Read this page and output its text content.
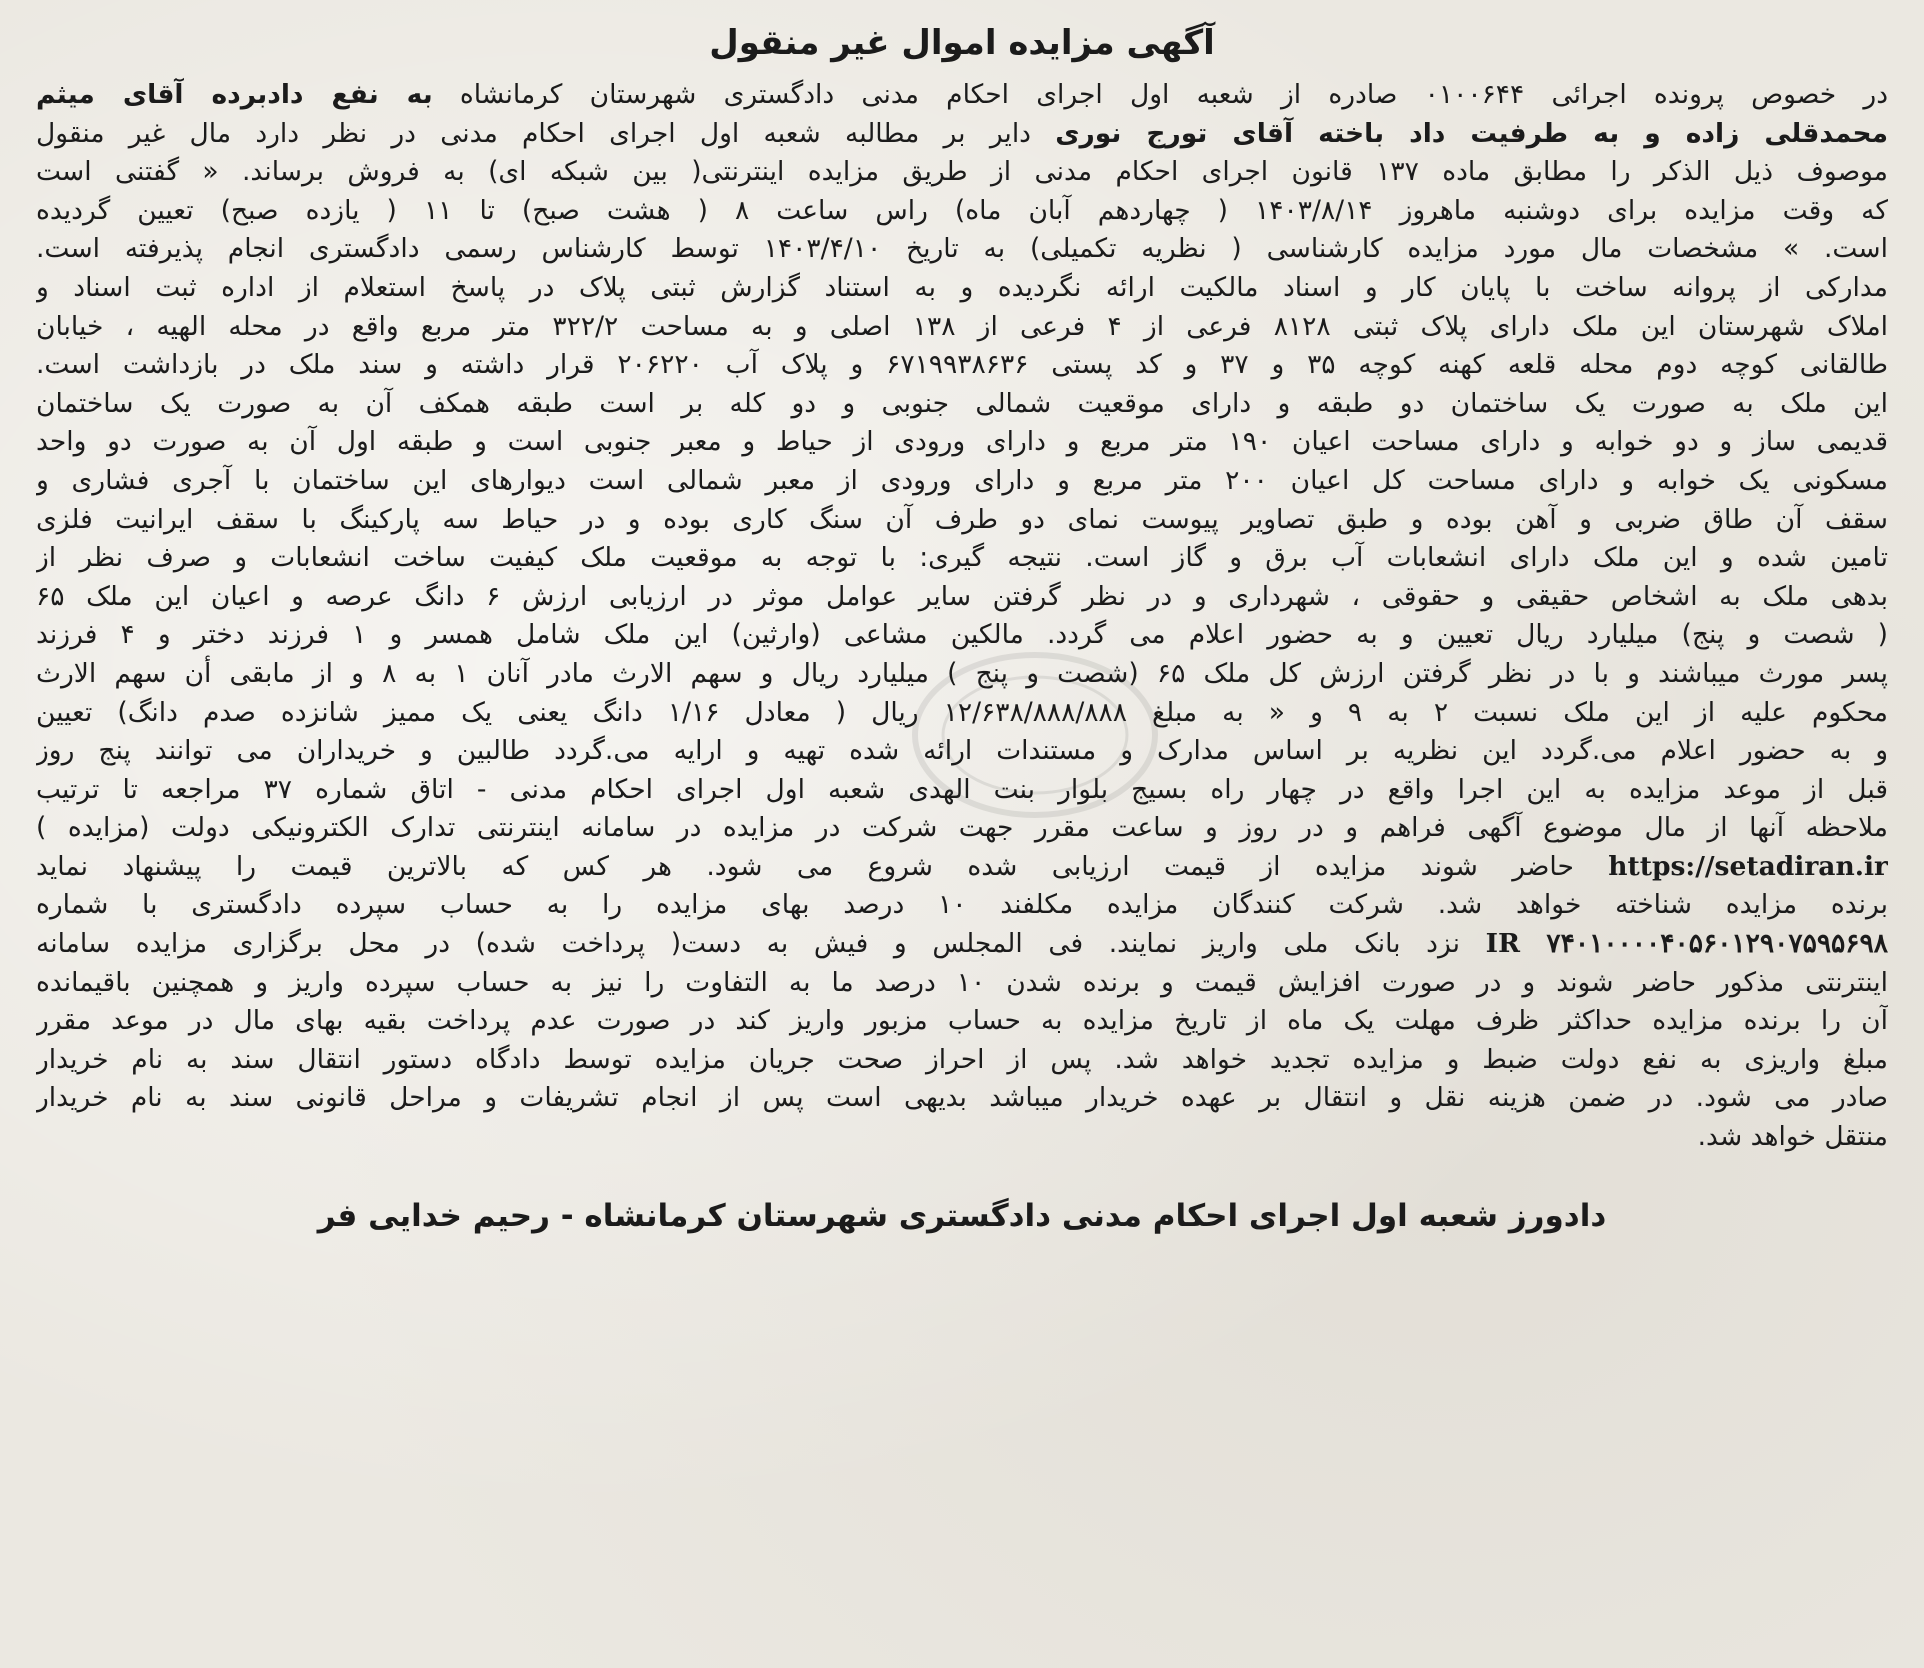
آگهی مزایده اموال غیر منقول
در خصوص پرونده اجرائی ۰۱۰۰۶۴۴ صادره از شعبه اول اجرای احکام مدنی دادگستری شهرستان کرمانشاه به نفع دادبرده آقای میثم
محمدقلی زاده و به طرفیت داد باخته آقای تورج نوری دایر بر مطالبه شعبه اول اجرای احکام مدنی در نظر دارد مال غیر منقول
موصوف ذیل الذکر را مطابق ماده ۱۳۷ قانون اجرای احکام مدنی از طریق مزایده اینترنتی( بین شبکه ای) به فروش برساند. « گفتنی است
که وقت مزایده برای دوشنبه ماهروز ۱۴۰۳/۸/۱۴ ( چهاردهم آبان ماه) راس ساعت ۸ ( هشت صبح) تا ۱۱ ( یازده صبح) تعیین گردیده
است. » مشخصات مال مورد مزایده کارشناسی ( نظریه تکمیلی) به تاریخ ۱۴۰۳/۴/۱۰ توسط کارشناس رسمی دادگستری انجام پذیرفته است.
مدارکی از پروانه ساخت با پایان کار و اسناد مالکیت ارائه نگردیده و به استناد گزارش ثبتی پلاک در پاسخ استعلام از اداره ثبت اسناد و
املاک شهرستان این ملک دارای پلاک ثبتی ۸۱۲۸ فرعی از ۴ فرعی از ۱۳۸ اصلی و به مساحت ۳۲۲/۲ متر مربع واقع در محله الهیه ، خیابان
طالقانی کوچه دوم محله قلعه کهنه کوچه ۳۵ و ۳۷ و کد پستی ۶۷۱۹۹۳۸۶۳۶ و پلاک آب ۲۰۶۲۲۰ قرار داشته و سند ملک در بازداشت است.
این ملک به صورت یک ساختمان دو طبقه و دارای موقعیت شمالی جنوبی و دو کله بر است طبقه همکف آن به صورت یک ساختمان
قدیمی ساز و دو خوابه و دارای مساحت اعیان ۱۹۰ متر مربع و دارای ورودی از حیاط و معبر جنوبی است و طبقه اول آن به صورت دو واحد
مسکونی یک خوابه و دارای مساحت کل اعیان ۲۰۰ متر مربع و دارای ورودی از معبر شمالی است دیوارهای این ساختمان با آجری فشاری و
سقف آن طاق ضربی و آهن بوده و طبق تصاویر پیوست نمای دو طرف آن سنگ کاری بوده و در حیاط سه پارکینگ با سقف ایرانیت فلزی
تامین شده و این ملک دارای انشعابات آب برق و گاز است. نتیجه گیری: با توجه به موقعیت ملک کیفیت ساخت انشعابات و صرف نظر از
بدهی ملک به اشخاص حقیقی و حقوقی ، شهرداری و در نظر گرفتن سایر عوامل موثر در ارزیابی ارزش ۶ دانگ عرصه و اعیان این ملک ۶۵
( شصت و پنج) میلیارد ریال تعیین و به حضور اعلام می گردد. مالکین مشاعی (وارثین) این ملک شامل همسر و ۱ فرزند دختر و ۴ فرزند
پسر مورث میباشند و با در نظر گرفتن ارزش کل ملک ۶۵ (شصت و پنج ) میلیارد ریال و سهم الارث مادر آنان ۱ به ۸ و از مابقی أن سهم الارث
محکوم علیه از این ملک نسبت ۲ به ۹ و « به مبلغ ۱۲/۶۳۸/۸۸۸/۸۸۸ ریال ( معادل ۱/۱۶ دانگ یعنی یک ممیز شانزده صدم دانگ) تعیین
و به حضور اعلام می.گردد این نظریه بر اساس مدارک و مستندات ارائه شده تهیه و ارایه می.گردد طالبین و خریداران می توانند پنج روز
قبل از موعد مزایده به این اجرا واقع در چهار راه بسیج بلوار بنت الهدی شعبه اول اجرای احکام مدنی - اتاق شماره ۳۷ مراجعه تا ترتیب
ملاحظه آنها از مال موضوع آگهی فراهم و در روز و ساعت مقرر جهت شرکت در مزایده در سامانه اینترنتی تدارک الکترونیکی دولت (مزایده )
https://setadiran.ir حاضر شوند مزایده از قیمت ارزیابی شده شروع می شود. هر کس که بالاترین قیمت را پیشنهاد نماید
برنده مزایده شناخته خواهد شد. شرکت کنندگان مزایده مکلفند ۱۰ درصد بهای مزایده را به حساب سپرده دادگستری با شماره
IR ۷۴۰۱۰۰۰۰۴۰۵۶۰۱۲۹۰۷۵۹۵۶۹۸ نزد بانک ملی واریز نمایند. فی المجلس و فیش به دست( پرداخت شده) در محل برگزاری مزایده سامانه
اینترنتی مذکور حاضر شوند و در صورت افزایش قیمت و برنده شدن ۱۰ درصد ما به التفاوت را نیز به حساب سپرده واریز و همچنین باقیمانده
آن را برنده مزایده حداکثر ظرف مهلت یک ماه از تاریخ مزایده به حساب مزبور واریز کند در صورت عدم پرداخت بقیه بهای مال در موعد مقرر
مبلغ واریزی به نفع دولت ضبط و مزایده تجدید خواهد شد. پس از احراز صحت جریان مزایده توسط دادگاه دستور انتقال سند به نام خریدار
صادر می شود. در ضمن هزینه نقل و انتقال بر عهده خریدار میباشد بدیهی است پس از انجام تشریفات و مراحل قانونی سند به نام خریدار
منتقل خواهد شد.
دادورز شعبه اول اجرای احکام مدنی دادگستری شهرستان کرمانشاه - رحیم خدایی فر
